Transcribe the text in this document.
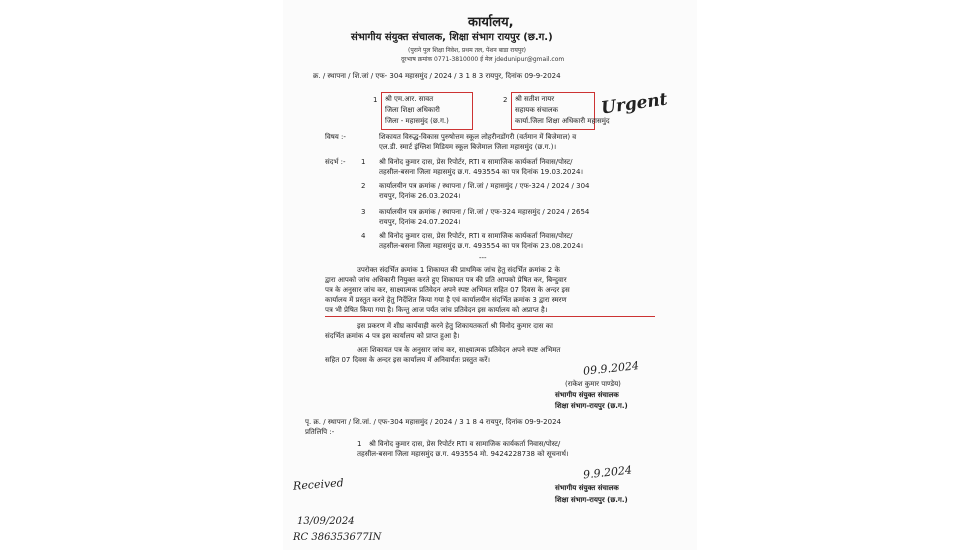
कार्यालय,
संभागीय संयुक्त संचालक, शिक्षा संभाग रायपुर (छ.ग.)
(पुराने पुल शिक्षा निवेश, प्रथम तल, पेंशन बाडा रायपुर)
दूरभाष क्रमांक 0771-3810000 ई मेल jdedunipur@gmail.com
क्र. / स्थापना / शि.जां / एफ- 304 महासमुंद / 2024 / 3 1 8 3 रायपुर, दिनांक 09-9-2024
1 श्री एम.आर. सावत
जिला शिक्षा अधिकारी
जिला - महासमुंद (छ.ग.)
2 श्री सतीश नायर
सहायक संचालक
कार्या.जिला शिक्षा अधिकारी महासमुंद
Urgent
विषय :-	शिकायत विरुद्ध-विकास पुरुषोत्तम स्कूल लोहरीनडोंगरी (वर्तमान में बिजेमाल) व
एल.डी. स्मार्ट इंग्लिश मिडियम स्कूल बिजेमाल जिला महासमुंद (छ.ग.)।
संदर्भ :- 1 श्री विनोद कुमार दास, प्रेस रिपोर्टर, RTI व सामाजिक कार्यकर्ता निवास/पोस्ट/
तहसील-बसना जिला महासमुंद छ.ग. 493554 का पत्र दिनांक 19.03.2024।
2 कार्यालयीन पत्र क्रमांक / स्थापना / शि.जां / महासमुंद / एफ-324 / 2024 / 304
रायपुर, दिनांक 26.03.2024।
3 कार्यालयीन पत्र क्रमांक / स्थापना / शि.जां / एफ-324 महासमुंद / 2024 / 2654
रायपुर, दिनांक 24.07.2024।
4 श्री विनोद कुमार दास, प्रेस रिपोर्टर, RTI व सामाजिक कार्यकर्ता निवास/पोस्ट/
तहसील-बसना जिला महासमुंद छ.ग. 493554 का पत्र दिनांक 23.08.2024।
---
उपरोक्त संदर्भित क्रमांक 1 शिकायत की प्राथमिक जांच हेतु संदर्भित क्रमांक 2 के
द्वारा आपको जांच अधिकारी नियुक्त करते हुए शिकायत पत्र की प्रति आपको प्रेषित कर, बिन्दुवार
पत्र के अनुसार जांच कर, साक्ष्यात्मक प्रतिवेदन अपने स्पष्ट अभिमत सहित 07 दिवस के अन्दर इस
कार्यालय में प्रस्तुत करने हेतु निर्देशित किया गया है एवं कार्यालयीन संदर्भित क्रमांक 3 द्वारा स्मरण
पत्र भी प्रेषित किया गया है। किन्तु आज पर्यंत जांच प्रतिवेदन इस कार्यालय को अप्राप्त है।
इस प्रकरण में शीघ्र कार्यवाही करने हेतु शिकायतकर्ता श्री विनोद कुमार दास का
संदर्भित क्रमांक 4 पत्र इस कार्यालय को प्राप्त हुआ है।
अतः शिकायत पत्र के अनुसार जांच कर, साक्ष्यात्मक प्रतिवेदन अपने स्पष्ट अभिमत
सहित 07 दिवस के अन्दर इस कार्यालय में अनिवार्यतः प्रस्तुत करें।	09.9.2024
(राकेश कुमार पाण्डेय)
संभागीय संयुक्त संचालक
शिक्षा संभाग-रायपुर (छ.ग.)
पृ. क्र. / स्थापना / शि.जां. / एफ-304 महासमुंद / 2024 / 3 1 8 4 रायपुर, दिनांक 09-9-2024
प्रतिलिपि :-
1 श्री विनोद कुमार दास, प्रेस रिपोर्टर RTI व सामाजिक कार्यकर्ता निवास/पोस्ट/
तहसील-बसना जिला महासमुंद छ.ग. 493554 मो. 9424228738 को सूचनार्थ।
9.9.2024
संभागीय संयुक्त संचालक
शिक्षा संभाग-रायपुर (छ.ग.)
Received
13/09/2024
RC 386353677IN
